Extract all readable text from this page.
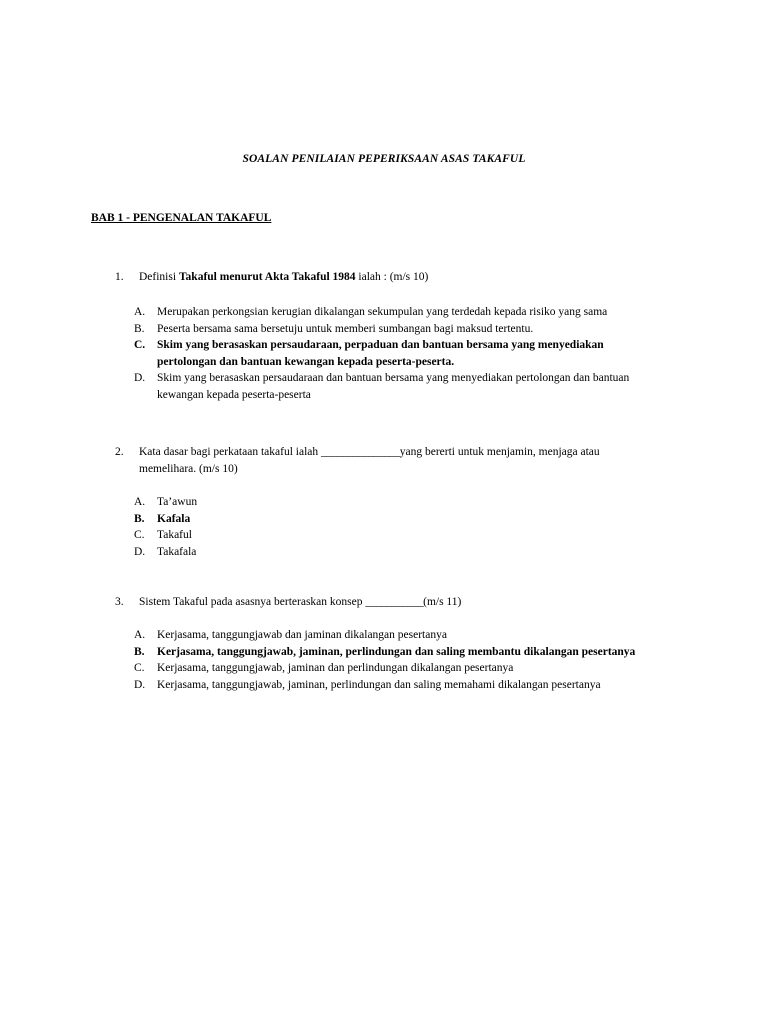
SOALAN PENILAIAN PEPERIKSAAN ASAS TAKAFUL
BAB 1 - PENGENALAN TAKAFUL
1. Definisi Takaful menurut Akta Takaful 1984 ialah : (m/s 10)
A. Merupakan perkongsian kerugian dikalangan sekumpulan yang terdedah kepada risiko yang sama
B. Peserta bersama sama bersetuju untuk memberi sumbangan bagi maksud tertentu.
C. Skim yang berasaskan persaudaraan, perpaduan dan bantuan bersama yang menyediakan pertolongan dan bantuan kewangan kepada peserta-peserta.
D. Skim yang berasaskan persaudaraan dan bantuan bersama yang menyediakan pertolongan dan bantuan kewangan kepada peserta-peserta
2. Kata dasar bagi perkataan takaful ialah _______________yang bererti untuk menjamin, menjaga atau memelihara. (m/s 10)
A. Ta’awun
B. Kafala
C. Takaful
D. Takafala
3. Sistem Takaful pada asasnya berteraskan konsep ___________(m/s 11)
A. Kerjasama, tanggungjawab dan jaminan dikalangan pesertanya
B. Kerjasama, tanggungjawab, jaminan, perlindungan dan saling membantu dikalangan pesertanya
C. Kerjasama, tanggungjawab, jaminan dan perlindungan dikalangan pesertanya
D. Kerjasama, tanggungjawab, jaminan, perlindungan dan saling memahami dikalangan pesertanya
